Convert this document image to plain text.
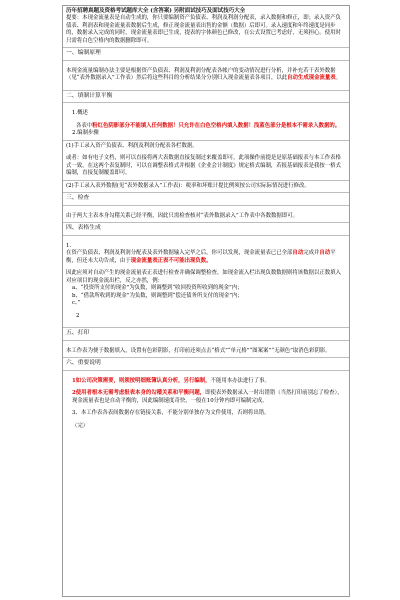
历年招聘真题及资格考试题库大全 (含答案) 另附面试技巧及面试技巧大全

提要：本现金流量表是自动生成的，你只要编制资产负债表、利润及利润分配表，录入数据和修正，即；录入资产负债表、利润表和现金流量表数据后生成，修正现金流量表出售的金额（数据）后即可。录入速度和年终速度是同步的，数据录入完成的同时，现金流量表即已生成，提表的字体颜色已修改，在公式设置已考虑好，无须担心。使用时只需将白色空格内的数据删除即可。

一、编制原理

本现金流量编制办法主要是根据资产负债表、利润及利润分配表各帐户的变动情况进行分析，并补充若干表外数据（见“表外数据录入”工作表）然后将这些科目的分析结果分分别归入现金流量表各项目，以此自动生成现金流量表。

二、填制计算平衡

1.概述

各表中粉红色阴影部分不能填入任何数据！只允许在白色空格内填入数据！浅蓝色部分是根本不需录入数据的。

2.编制步骤

(1)手工录入资产负债表、利润及利润分配表各栏数据。

或者：如有电子文档，则可以直接将两大表数据直接复制过来覆盖即可，此项操作前提是是原基础报表与本工作表格式一致，在这两个表复制时，可以在调整表格式并根据《企业会计制度》规定格式编制，若报基础报表是我按一格式编制，直接复制覆盖即可。

(2)手工录入表外数据(见“表外数据录入”工作表)：税率和坏账计提比例须按公司实际际情况进行修改。

三、检查

由于两大主表本身勾稽关系已经平衡，因此只需检查核对“表外数据录入”工作表中各数数据即可。

四、表格生成

1.

在资产负债表、利润及利润分配表及表外数据输入完毕之后，你可以发现，现金流量表已已全部自动完成并自动平衡，但还未大功告成，由于现金流量表正表不可能出现负数。

因此应须对自动产生的现金流量表正表进行检查并确保调整检查，如现金流入栏出现负数数据则将该数据以正数填入对应项目的现金流出栏，反之亦然，例：

a、“投资所支付的现金”为负数，则调整到“收回投资所收到的现金”内；

b、“借款所收到的现金”为负数，则调整到“偿还债务所支付的现金”内；

c、”

2

五、打印

本工作表为便于数据填入，设置有色彩阴影，打印前还须点击“格式”“单元格”“图案案”“无颜色”取消色彩阴影。

六、重要说明

1如公司决策需要，则须按明细账簿认真分析，另行编制，不能用本办法进行了事。

2使用者根本无需考虑报表本身的勾稽关系和平衡问题，即使表外数据录入一时出错错（当然打印前别忘了检查），现金流量表也是自动平衡的，因此编制速度奇快，一般在10分钟内即可编制完成。

3、本工作表各表间数据存在链接关系，不能分别单独存为文件使用，否则将出错。

（完）
